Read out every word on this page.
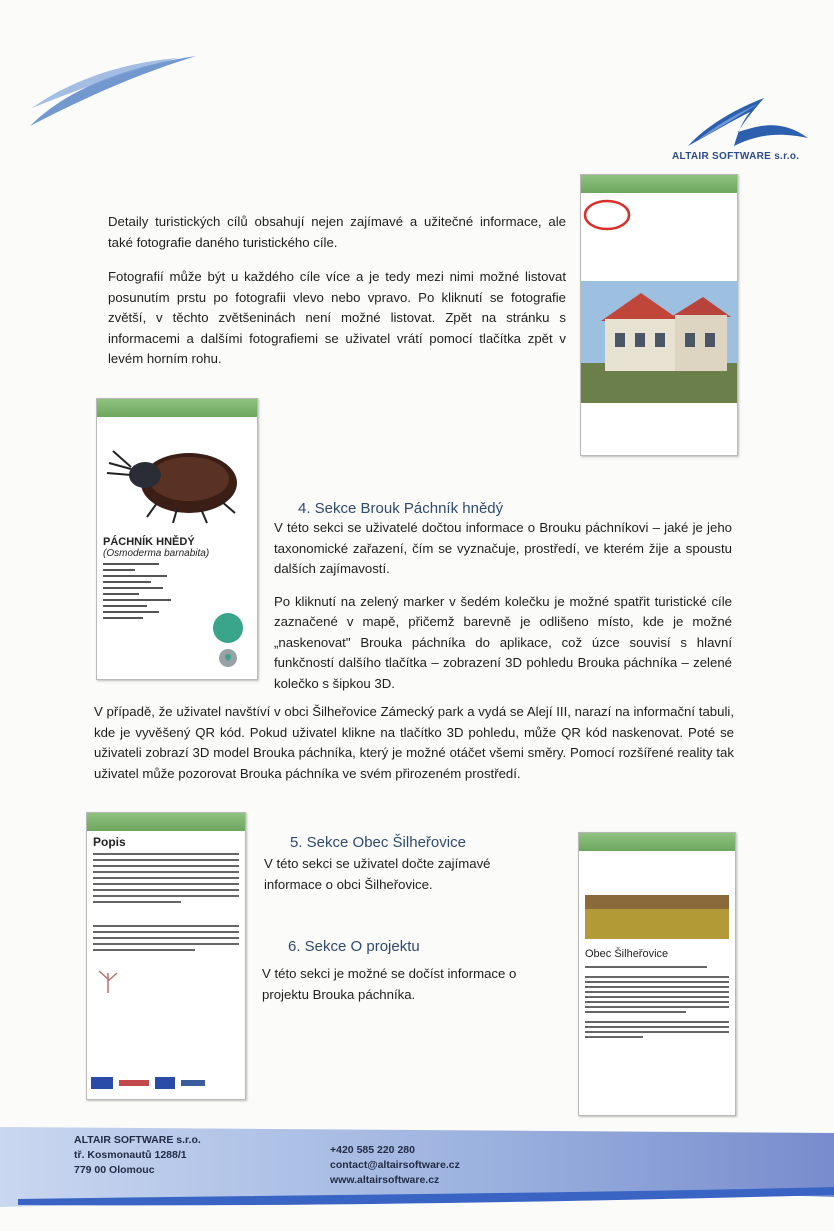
ALTAIR SOFTWARE s.r.o.

Detaily turistických cílů obsahují nejen zajímavé a užitečné informace, ale také fotografie daného turistického cíle.

Fotografií může být u každého cíle více a je tedy mezi nimi možné listovat posunutím prstu po fotografii vlevo nebo vpravo. Po kliknutí se fotografie zvětší, v těchto zvětšeninách není možné listovat. Zpět na stránku s informacemi a dalšími fotografiemi se uživatel vrátí pomocí tlačítka zpět v levém horním rohu.

PÁCHNÍK HNĚDÝ
(Osmoderma barnabita)
4. Sekce Brouk Páchník hnědý

V této sekci se uživatelé dočtou informace o Brouku páchníkovi – jaké je jeho taxonomické zařazení, čím se vyznačuje, prostředí, ve kterém žije a spoustu dalších zajímavostí.

Po kliknutí na zelený marker v šedém kolečku je možné spatřit turistické cíle zaznačené v mapě, přičemž barevně je odlišeno místo, kde je možné „naskenovat" Brouka páchníka do aplikace, což úzce souvisí s hlavní funkčností dalšího tlačítka – zobrazení 3D pohledu Brouka páchníka – zelené kolečko s šipkou 3D.

V případě, že uživatel navštíví v obci Šilheřovice Zámecký park a vydá se Alejí III, narazí na informační tabuli, kde je vyvěšený QR kód. Pokud uživatel klikne na tlačítko 3D pohledu, může QR kód naskenovat. Poté se uživateli zobrazí 3D model Brouka páchníka, který je možné otáčet všemi směry. Pomocí rozšířené reality tak uživatel může pozorovat Brouka páchníka ve svém přirozeném prostředí.

Popis	5. Sekce Obec Šilheřovice

V této sekci se uživatel dočte zajímavé informace o obci Šilheřovice.

6. Sekce O projektu

V této sekci je možné se dočíst informace o projektu Brouka páchníka.

Obec Šilheřovice
ALTAIR SOFTWARE s.r.o.
tř. Kosmonautů 1288/1
779 00 Olomouc
+420 585 220 280
contact@altairsoftware.cz
www.altairsoftware.cz
